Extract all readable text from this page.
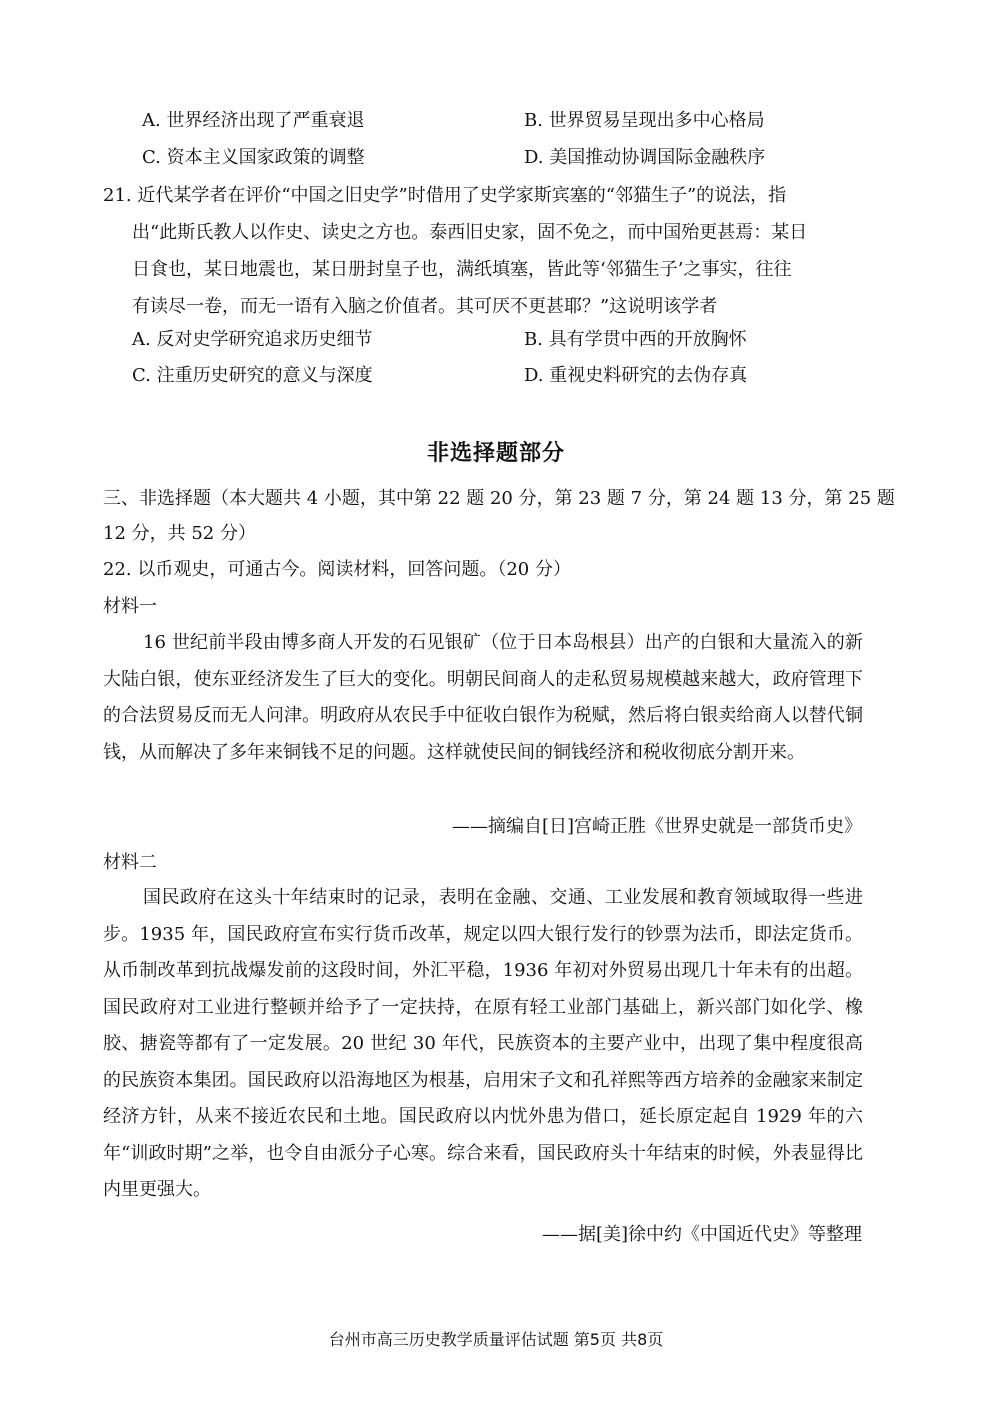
A. 世界经济出现了严重衰退	B. 世界贸易呈现出多中心格局
C. 资本主义国家政策的调整	D. 美国推动协调国际金融秩序
21. 近代某学者在评价“中国之旧史学”时借用了史学家斯宾塞的“邻猫生子”的说法，指
出“此斯氏教人以作史、读史之方也。泰西旧史家，固不免之，而中国殆更甚焉：某日
日食也，某日地震也，某日册封皇子也，满纸填塞，皆此等‘邻猫生子’之事实，往往
有读尽一卷，而无一语有入脑之价值者。其可厌不更甚耶？”这说明该学者
A. 反对史学研究追求历史细节	B. 具有学贯中西的开放胸怀
C. 注重历史研究的意义与深度	D. 重视史料研究的去伪存真
非选择题部分
三、非选择题（本大题共 4 小题，其中第 22 题 20 分，第 23 题 7 分，第 24 题 13 分，第 25 题
12 分，共 52 分）
22. 以币观史，可通古今。阅读材料，回答问题。（20 分）
材料一
16 世纪前半段由博多商人开发的石见银矿（位于日本岛根县）出产的白银和大量流入的新大陆白银，使东亚经济发生了巨大的变化。明朝民间商人的走私贸易规模越来越大，政府管理下的合法贸易反而无人问津。明政府从农民手中征收白银作为税赋，然后将白银卖给商人以替代铜钱，从而解决了多年来铜钱不足的问题。这样就使民间的铜钱经济和税收彻底分割开来。
——摘编自[日]宫崎正胜《世界史就是一部货币史》
材料二
国民政府在这头十年结束时的记录，表明在金融、交通、工业发展和教育领域取得一些进步。1935 年，国民政府宣布实行货币改革，规定以四大银行发行的钞票为法币，即法定货币。从币制改革到抗战爆发前的这段时间，外汇平稳，1936 年初对外贸易出现几十年未有的出超。国民政府对工业进行整顿并给予了一定扶持，在原有轻工业部门基础上，新兴部门如化学、橡胶、搪瓷等都有了一定发展。20 世纪 30 年代，民族资本的主要产业中，出现了集中程度很高的民族资本集团。国民政府以沿海地区为根基，启用宋子文和孔祥熙等西方培养的金融家来制定经济方针，从来不接近农民和土地。国民政府以内忧外患为借口，延长原定起自 1929 年的六年“训政时期”之举，也令自由派分子心寒。综合来看，国民政府头十年结束的时候，外表显得比内里更强大。
——据[美]徐中约《中国近代史》等整理
台州市高三历史教学质量评估试题 第5页 共8页
